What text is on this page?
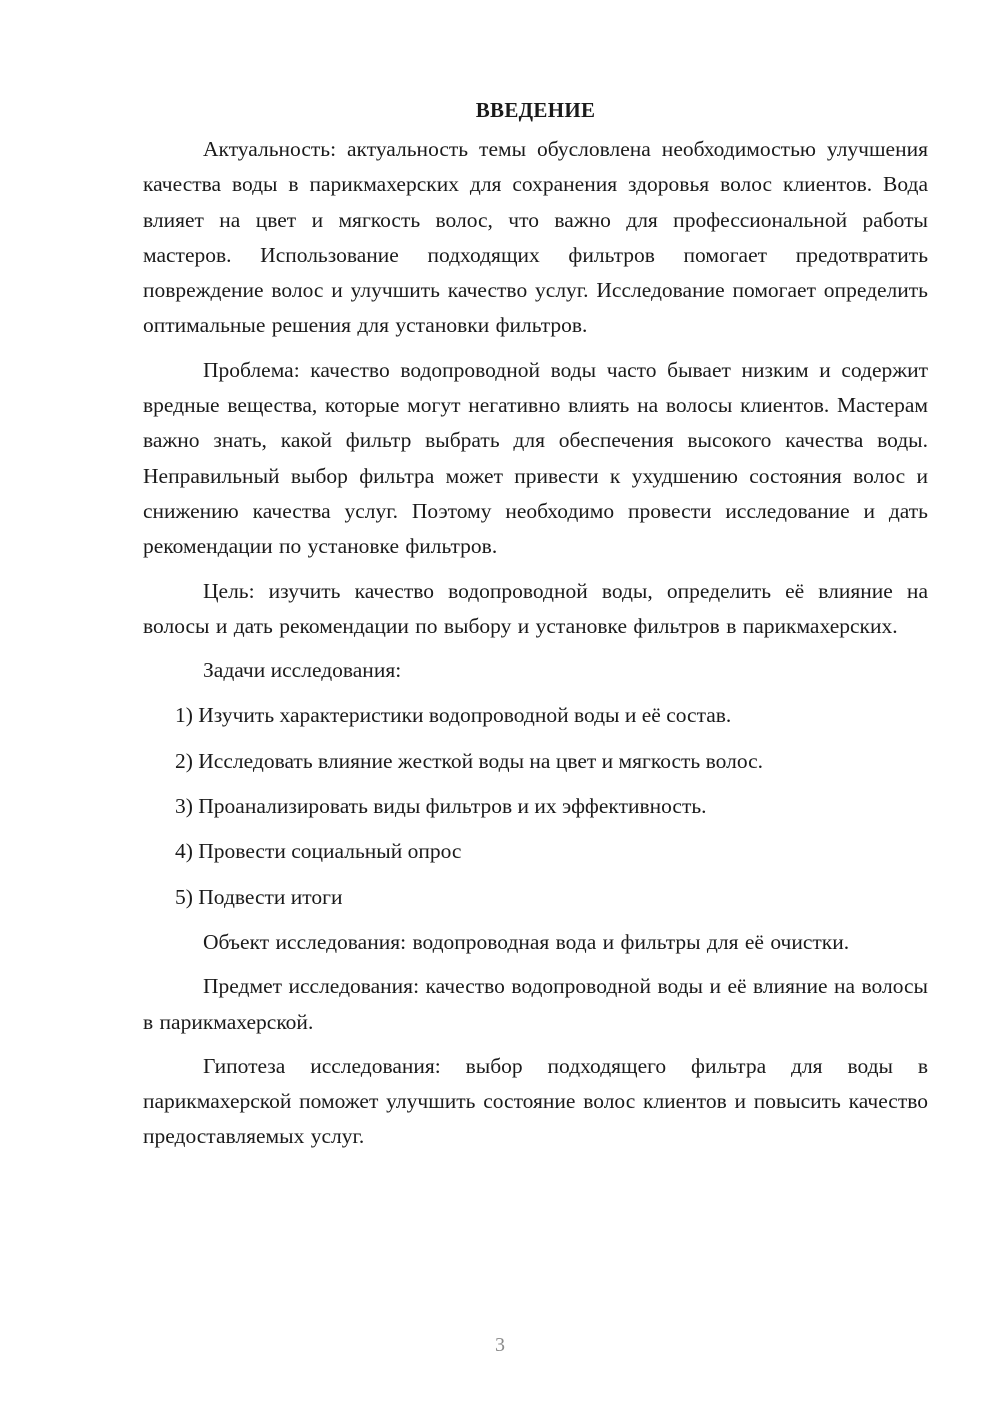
ВВЕДЕНИЕ

Актуальность: актуальность темы обусловлена необходимостью улучшения качества воды в парикмахерских для сохранения здоровья волос клиентов. Вода влияет на цвет и мягкость волос, что важно для профессиональной работы мастеров. Использование подходящих фильтров помогает предотвратить повреждение волос и улучшить качество услуг. Исследование помогает определить оптимальные решения для установки фильтров.

Проблема: качество водопроводной воды часто бывает низким и содержит вредные вещества, которые могут негативно влиять на волосы клиентов. Мастерам важно знать, какой фильтр выбрать для обеспечения высокого качества воды. Неправильный выбор фильтра может привести к ухудшению состояния волос и снижению качества услуг. Поэтому необходимо провести исследование и дать рекомендации по установке фильтров.

Цель: изучить качество водопроводной воды, определить её влияние на волосы и дать рекомендации по выбору и установке фильтров в парикмахерских.

Задачи исследования:

1) Изучить характеристики водопроводной воды и её состав.
2) Исследовать влияние жесткой воды на цвет и мягкость волос.
3) Проанализировать виды фильтров и их эффективность.
4) Провести социальный опрос
5) Подвести итоги

Объект исследования: водопроводная вода и фильтры для её очистки.

Предмет исследования: качество водопроводной воды и её влияние на волосы в парикмахерской.

Гипотеза исследования: выбор подходящего фильтра для воды в парикмахерской поможет улучшить состояние волос клиентов и повысить качество предоставляемых услуг.

3
